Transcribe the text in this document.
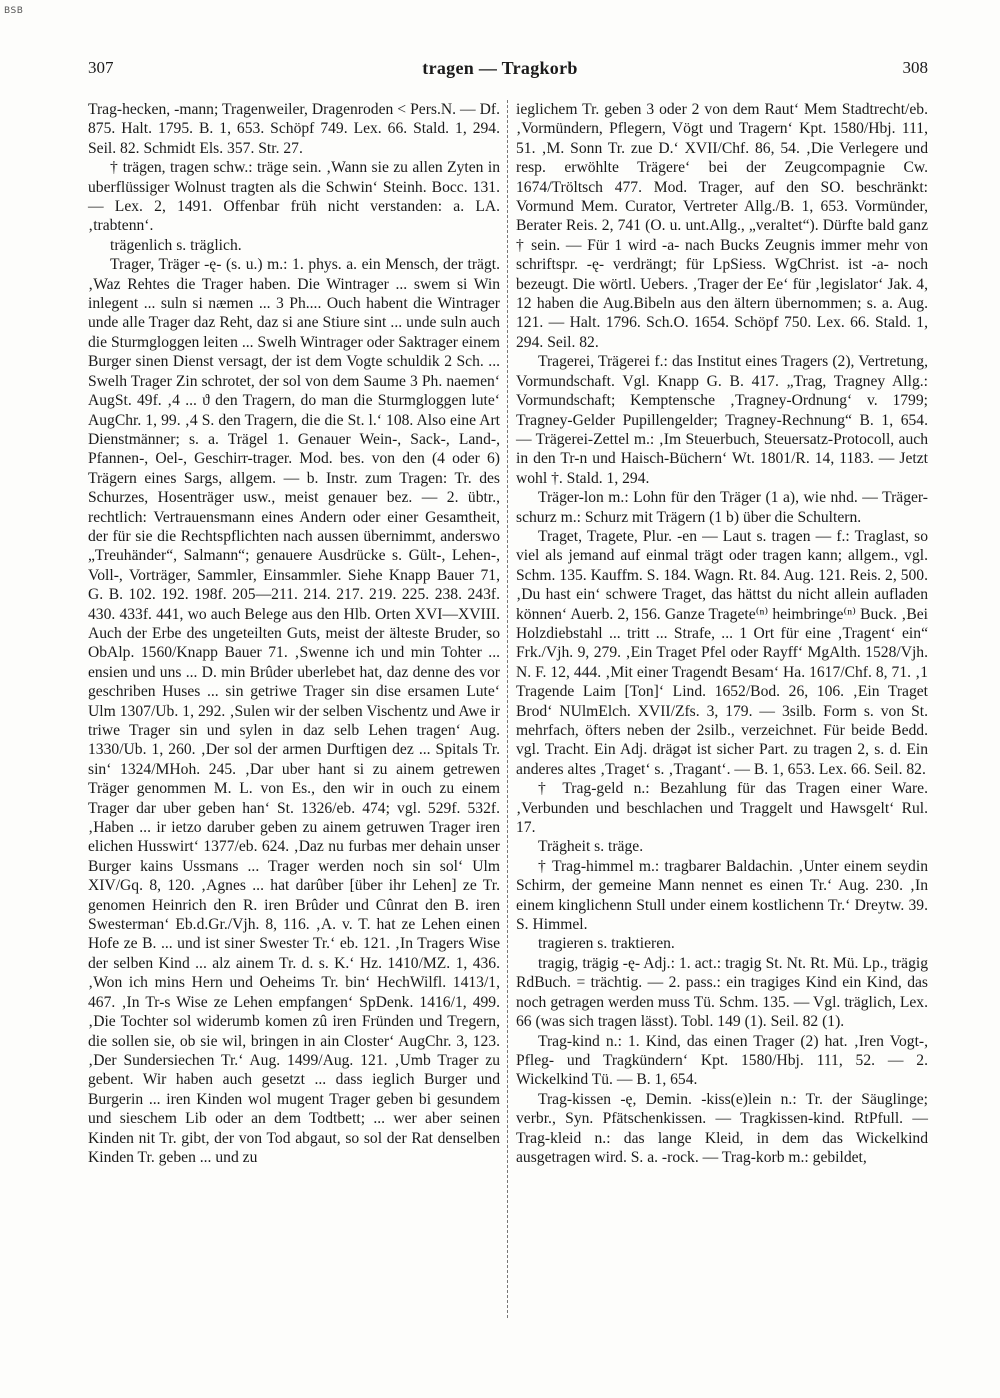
BSB
307	tragen — Tragkorb	308

Trag-hecken, -mann; Tragenweiler, Dragenroden < Pers.N. — Df. 875. Halt. 1795. B. 1, 653. Schöpf 749. Lex. 66. Stald. 1, 294. Seil. 82. Schmidt Els. 357. Str. 27.

† trägen, tragen schw.: träge sein. ‚Wann sie zu allen Zyten in uberflüssiger Wolnust tragten als die Schwin‘ Steinh. Bocc. 131. — Lex. 2, 1491. Offenbar früh nicht verstanden: a. LA. ‚trabtenn‘.

trägenlich s. träglich.

Trager, Träger -ę- (s. u.) m.: 1. phys. a. ein Mensch, der trägt. ‚Waz Rehtes die Trager haben. Die Wintrager ... swem si Win inlegent ... suln si næmen ... 3 Ph.... Ouch habent die Wintrager unde alle Trager daz Reht, daz si ane Stiure sint ... unde suln auch die Sturmgloggen leiten ... Swelh Wintrager oder Saktrager einem Burger sinen Dienst versagt, der ist dem Vogte schuldik 2 Sch. ... Swelh Trager Zin schrotet, der sol von dem Saume 3 Ph. naemen‘ AugSt. 49f. ‚4 ... ϑ den Tragern, do man die Sturmgloggen lute‘ AugChr. 1, 99. ‚4 S. den Tragern, die die St. l.‘ 108. Also eine Art Dienstmänner; s. a. Trägel 1. Genauer Wein-, Sack-, Land-, Pfannen-, Oel-, Geschirr-trager. Mod. bes. von den (4 oder 6) Trägern eines Sargs, allgem. — b. Instr. zum Tragen: Tr. des Schurzes, Hosenträger usw., meist genauer bez. — 2. übtr., rechtlich: Vertrauensmann eines Andern oder einer Gesamtheit, der für sie die Rechtspflichten nach aussen übernimmt, anderswo „Treuhänder“, Salmann“; genauere Ausdrücke s. Gült-, Lehen-, Voll-, Vorträger, Sammler, Einsammler. Siehe Knapp Bauer 71, G. B. 102. 192. 198f. 205—211. 214. 217. 219. 225. 238. 243f. 430. 433f. 441, wo auch Belege aus den Hlb. Orten XVI—XVIII. Auch der Erbe des ungeteilten Guts, meist der älteste Bruder, so ObAlp. 1560/Knapp Bauer 71. ‚Swenne ich und min Tohter ... ensien und uns ... D. min Brûder uberlebet hat, daz denne des vor geschriben Huses ... sin getriwe Trager sin dise ersamen Lute‘ Ulm 1307/Ub. 1, 292. ‚Sulen wir der selben Vischentz und Awe ir triwe Trager sin und sylen in daz selb Lehen tragen‘ Aug. 1330/Ub. 1, 260. ‚Der sol der armen Durftigen dez ... Spitals Tr. sin‘ 1324/MHoh. 245. ‚Dar uber hant si zu ainem getrewen Träger genommen M. L. von Es., den wir in ouch zu einem Trager dar uber geben han‘ St. 1326/eb. 474; vgl. 529f. 532f. ‚Haben ... ir ietzo daruber geben zu ainem getruwen Trager iren elichen Husswirt‘ 1377/eb. 624. ‚Daz nu furbas mer dehain unser Burger kains Ussmans ... Trager werden noch sin sol‘ Ulm XIV/Gq. 8, 120. ‚Agnes ... hat darûber [über ihr Lehen] ze Tr. genomen Heinrich den R. iren Brûder und Cûnrat den B. iren Swesterman‘ Eb.d.Gr./Vjh. 8, 116. ‚A. v. T. hat ze Lehen einen Hofe ze B. ... und ist siner Swester Tr.‘ eb. 121. ‚In Tragers Wise der selben Kind ... alz ainem Tr. d. s. K.‘ Hz. 1410/MZ. 1, 436. ‚Won ich mins Hern und Oeheims Tr. bin‘ HechWilfl. 1413/1, 467. ‚In Tr-s Wise ze Lehen empfangen‘ SpDenk. 1416/1, 499. ‚Die Tochter sol widerumb komen zû iren Fründen und Tregern, die sollen sie, ob sie wil, bringen in ain Closter‘ AugChr. 3, 123. ‚Der Sundersiechen Tr.‘ Aug. 1499/Aug. 121. ‚Umb Trager zu gebent. Wir haben auch gesetzt ... dass ieglich Burger und Burgerin ... iren Kinden wol mugent Trager geben bi gesundem und sieschem Lib oder an dem Todtbett; ... wer aber seinen Kinden nit Tr. gibt, der von Tod abgaut, so sol der Rat denselben Kinden Tr. geben ... und zu

ieglichem Tr. geben 3 oder 2 von dem Raut‘ Mem Stadtrecht/eb. ‚Vormündern, Pflegern, Vögt und Tragern‘ Kpt. 1580/Hbj. 111, 51. ‚M. Sonn Tr. zue D.‘ XVII/Chf. 86, 54. ‚Die Verlegere und resp. erwöhlte Trägere‘ bei der Zeugcompagnie Cw. 1674/Tröltsch 477. Mod. Trager, auf den SO. beschränkt: Vormund Mem. Curator, Vertreter Allg./B. 1, 653. Vormünder, Berater Reis. 2, 741 (O. u. unt.Allg., „veraltet“). Dürfte bald ganz † sein. — Für 1 wird -a- nach Bucks Zeugnis immer mehr von schriftspr. -ę- verdrängt; für LpSiess. WgChrist. ist -a- noch bezeugt. Die wörtl. Uebers. ‚Trager der Ee‘ für ‚legislator‘ Jak. 4, 12 haben die Aug.Bibeln aus den ältern übernommen; s. a. Aug. 121. — Halt. 1796. Sch.O. 1654. Schöpf 750. Lex. 66. Stald. 1, 294. Seil. 82.

Tragerei, Trägerei f.: das Institut eines Tragers (2), Vertretung, Vormundschaft. Vgl. Knapp G. B. 417. „Trag, Tragney Allg.: Vormundschaft; Kemptensche ‚Tragney-Ordnung‘ v. 1799; Tragney-Gelder Pupillengelder; Tragney-Rechnung“ B. 1, 654. — Trägerei-Zettel m.: ‚Im Steuerbuch, Steuersatz-Protocoll, auch in den Tr-n und Haisch-Büchern‘ Wt. 1801/R. 14, 1183. — Jetzt wohl †. Stald. 1, 294.

Träger-lon m.: Lohn für den Träger (1 a), wie nhd. — Träger-schurz m.: Schurz mit Trägern (1 b) über die Schultern.

Traget, Tragete, Plur. -en — Laut s. tragen — f.: Traglast, so viel als jemand auf einmal trägt oder tragen kann; allgem., vgl. Schm. 135. Kauffm. S. 184. Wagn. Rt. 84. Aug. 121. Reis. 2, 500. ‚Du hast ein‘ schwere Traget, das hättst du nicht allein aufladen können‘ Auerb. 2, 156. Ganze Tragete⁽ⁿ⁾ heimbringe⁽ⁿ⁾ Buck. ‚Bei Holzdiebstahl ... tritt ... Strafe, ... 1 Ort für eine ‚Tragent‘ ein“ Frk./Vjh. 9, 279. ‚Ein Traget Pfel oder Rayff‘ MgAlth. 1528/Vjh. N. F. 12, 444. ‚Mit einer Tragendt Besam‘ Ha. 1617/Chf. 8, 71. ‚1 Tragende Laim [Ton]‘ Lind. 1652/Bod. 26, 106. ‚Ein Traget Brod‘ NUlmElch. XVII/Zfs. 3, 179. — 3silb. Form s. von St. mehrfach, öfters neben der 2silb., verzeichnet. Für beide Bedd. vgl. Tracht. Ein Adj. drägət ist sicher Part. zu tragen 2, s. d. Ein anderes altes ‚Traget‘ s. ‚Tragant‘. — B. 1, 653. Lex. 66. Seil. 82.

† Trag-geld n.: Bezahlung für das Tragen einer Ware. ‚Verbunden und beschlachen und Traggelt und Hawsgelt‘ Rul. 17.

Trägheit s. träge.

† Trag-himmel m.: tragbarer Baldachin. ‚Unter einem seydin Schirm, der gemeine Mann nennet es einen Tr.‘ Aug. 230. ‚In einem kinglichenn Stull under einem kostlichenn Tr.‘ Dreytw. 39. S. Himmel.

tragieren s. traktieren.

tragig, trägig -ę- Adj.: 1. act.: tragig St. Nt. Rt. Mü. Lp., trägig RdBuch. = trächtig. — 2. pass.: ein tragiges Kind ein Kind, das noch getragen werden muss Tü. Schm. 135. — Vgl. träglich, Lex. 66 (was sich tragen lässt). Tobl. 149 (1). Seil. 82 (1).

Trag-kind n.: 1. Kind, das einen Trager (2) hat. ‚Iren Vogt-, Pfleg- und Tragkündern‘ Kpt. 1580/Hbj. 111, 52. — 2. Wickelkind Tü. — B. 1, 654.

Trag-kissen -ę, Demin. -kiss(e)lein n.: Tr. der Säuglinge; verbr., Syn. Pfätschenkissen. — Tragkissen-kind. RtPfull. — Trag-kleid n.: das lange Kleid, in dem das Wickelkind ausgetragen wird. S. a. -rock. — Trag-korb m.: gebildet,
